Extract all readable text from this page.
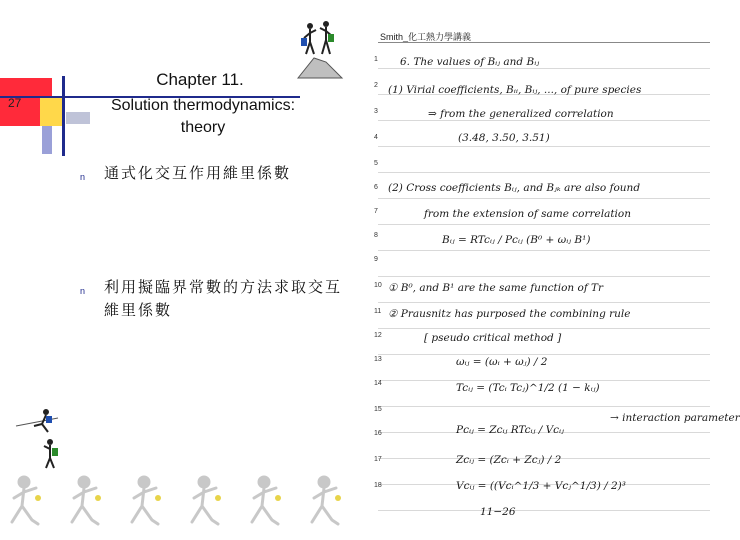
27
Chapter 11.
Solution thermodynamics: theory
n 通式化交互作用維里係數
n 利用擬臨界常數的方法求取交互維里係數
Smith_化工熱力學講義
1
2
3
4
5
6
7
8
9
10
11
12
13
14
15
16
17
18
6. The values of Bᵢⱼ and Bᵢⱼ
(1) Virial coefficients, Bᵢᵢ, Bᵢⱼ, ..., of pure species
⇒ from the generalized correlation
(3.48, 3.50, 3.51)
(2) Cross coefficients Bᵢⱼ, and Bⱼₖ are also found
from the extension of same correlation
Bᵢⱼ = RTcᵢⱼ / Pcᵢⱼ (B⁰ + ωᵢⱼ B¹)
① B⁰, and B¹ are the same function of Tr
② Prausnitz has purposed the combining rule
[ pseudo critical method ]
ωᵢⱼ = (ωᵢ + ωⱼ) / 2
Tcᵢⱼ = (Tcᵢ Tcⱼ)^1/2 (1 − kᵢⱼ)
→ interaction parameter
Pcᵢⱼ = Zcᵢⱼ RTcᵢⱼ / Vcᵢⱼ
Zcᵢⱼ = (Zcᵢ + Zcⱼ) / 2
Vcᵢⱼ = ((Vcᵢ^1/3 + Vcⱼ^1/3) / 2)³
11−26
